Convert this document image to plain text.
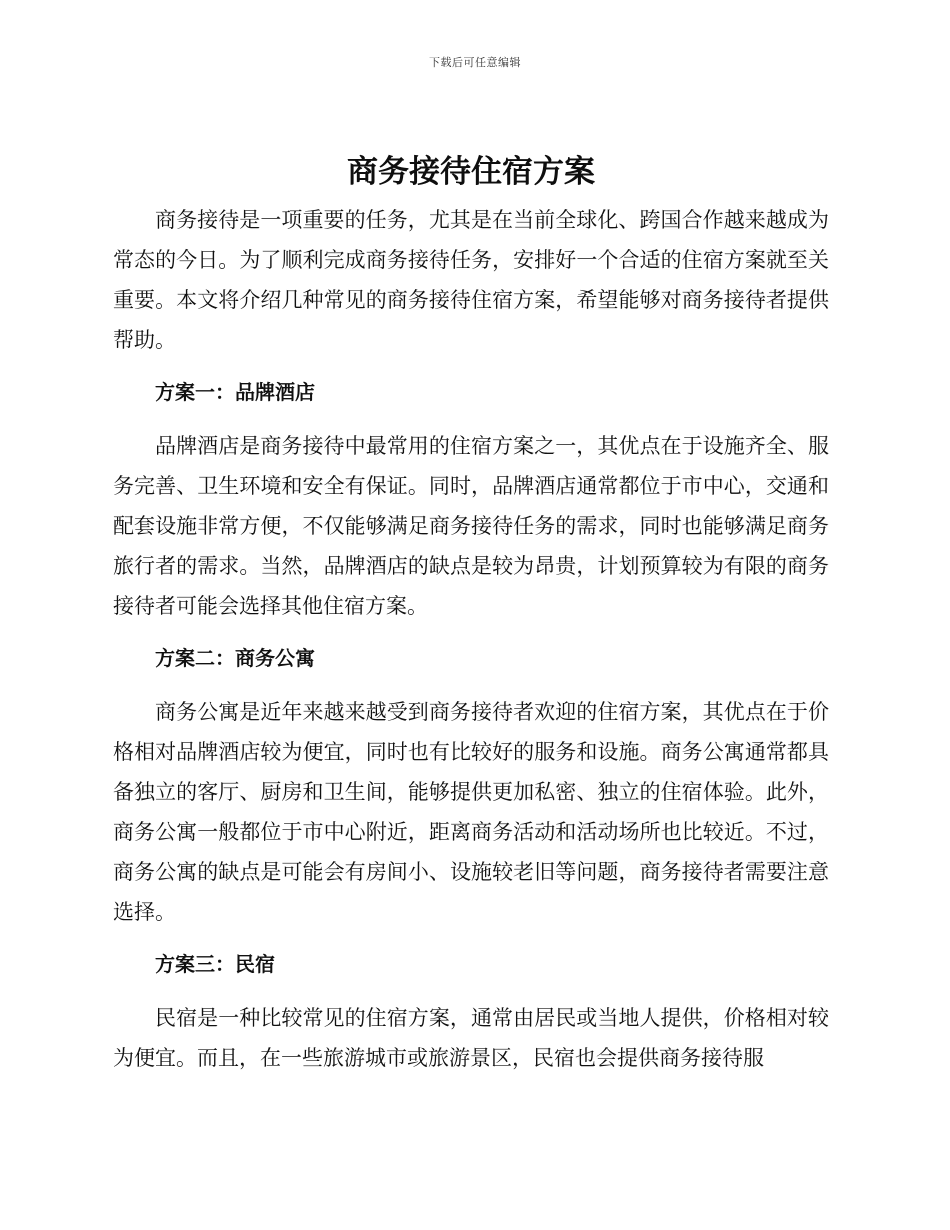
下载后可任意编辑
商务接待住宿方案

商务接待是一项重要的任务，尤其是在当前全球化、跨国合作越来越成为常态的今日。为了顺利完成商务接待任务，安排好一个合适的住宿方案就至关重要。本文将介绍几种常见的商务接待住宿方案，希望能够对商务接待者提供帮助。

方案一：品牌酒店

品牌酒店是商务接待中最常用的住宿方案之一，其优点在于设施齐全、服务完善、卫生环境和安全有保证。同时，品牌酒店通常都位于市中心，交通和配套设施非常方便，不仅能够满足商务接待任务的需求，同时也能够满足商务旅行者的需求。当然，品牌酒店的缺点是较为昂贵，计划预算较为有限的商务接待者可能会选择其他住宿方案。

方案二：商务公寓

商务公寓是近年来越来越受到商务接待者欢迎的住宿方案，其优点在于价格相对品牌酒店较为便宜，同时也有比较好的服务和设施。商务公寓通常都具备独立的客厅、厨房和卫生间，能够提供更加私密、独立的住宿体验。此外，商务公寓一般都位于市中心附近，距离商务活动和活动场所也比较近。不过，商务公寓的缺点是可能会有房间小、设施较老旧等问题，商务接待者需要注意选择。

方案三：民宿

民宿是一种比较常见的住宿方案，通常由居民或当地人提供，价格相对较为便宜。而且，在一些旅游城市或旅游景区，民宿也会提供商务接待服
